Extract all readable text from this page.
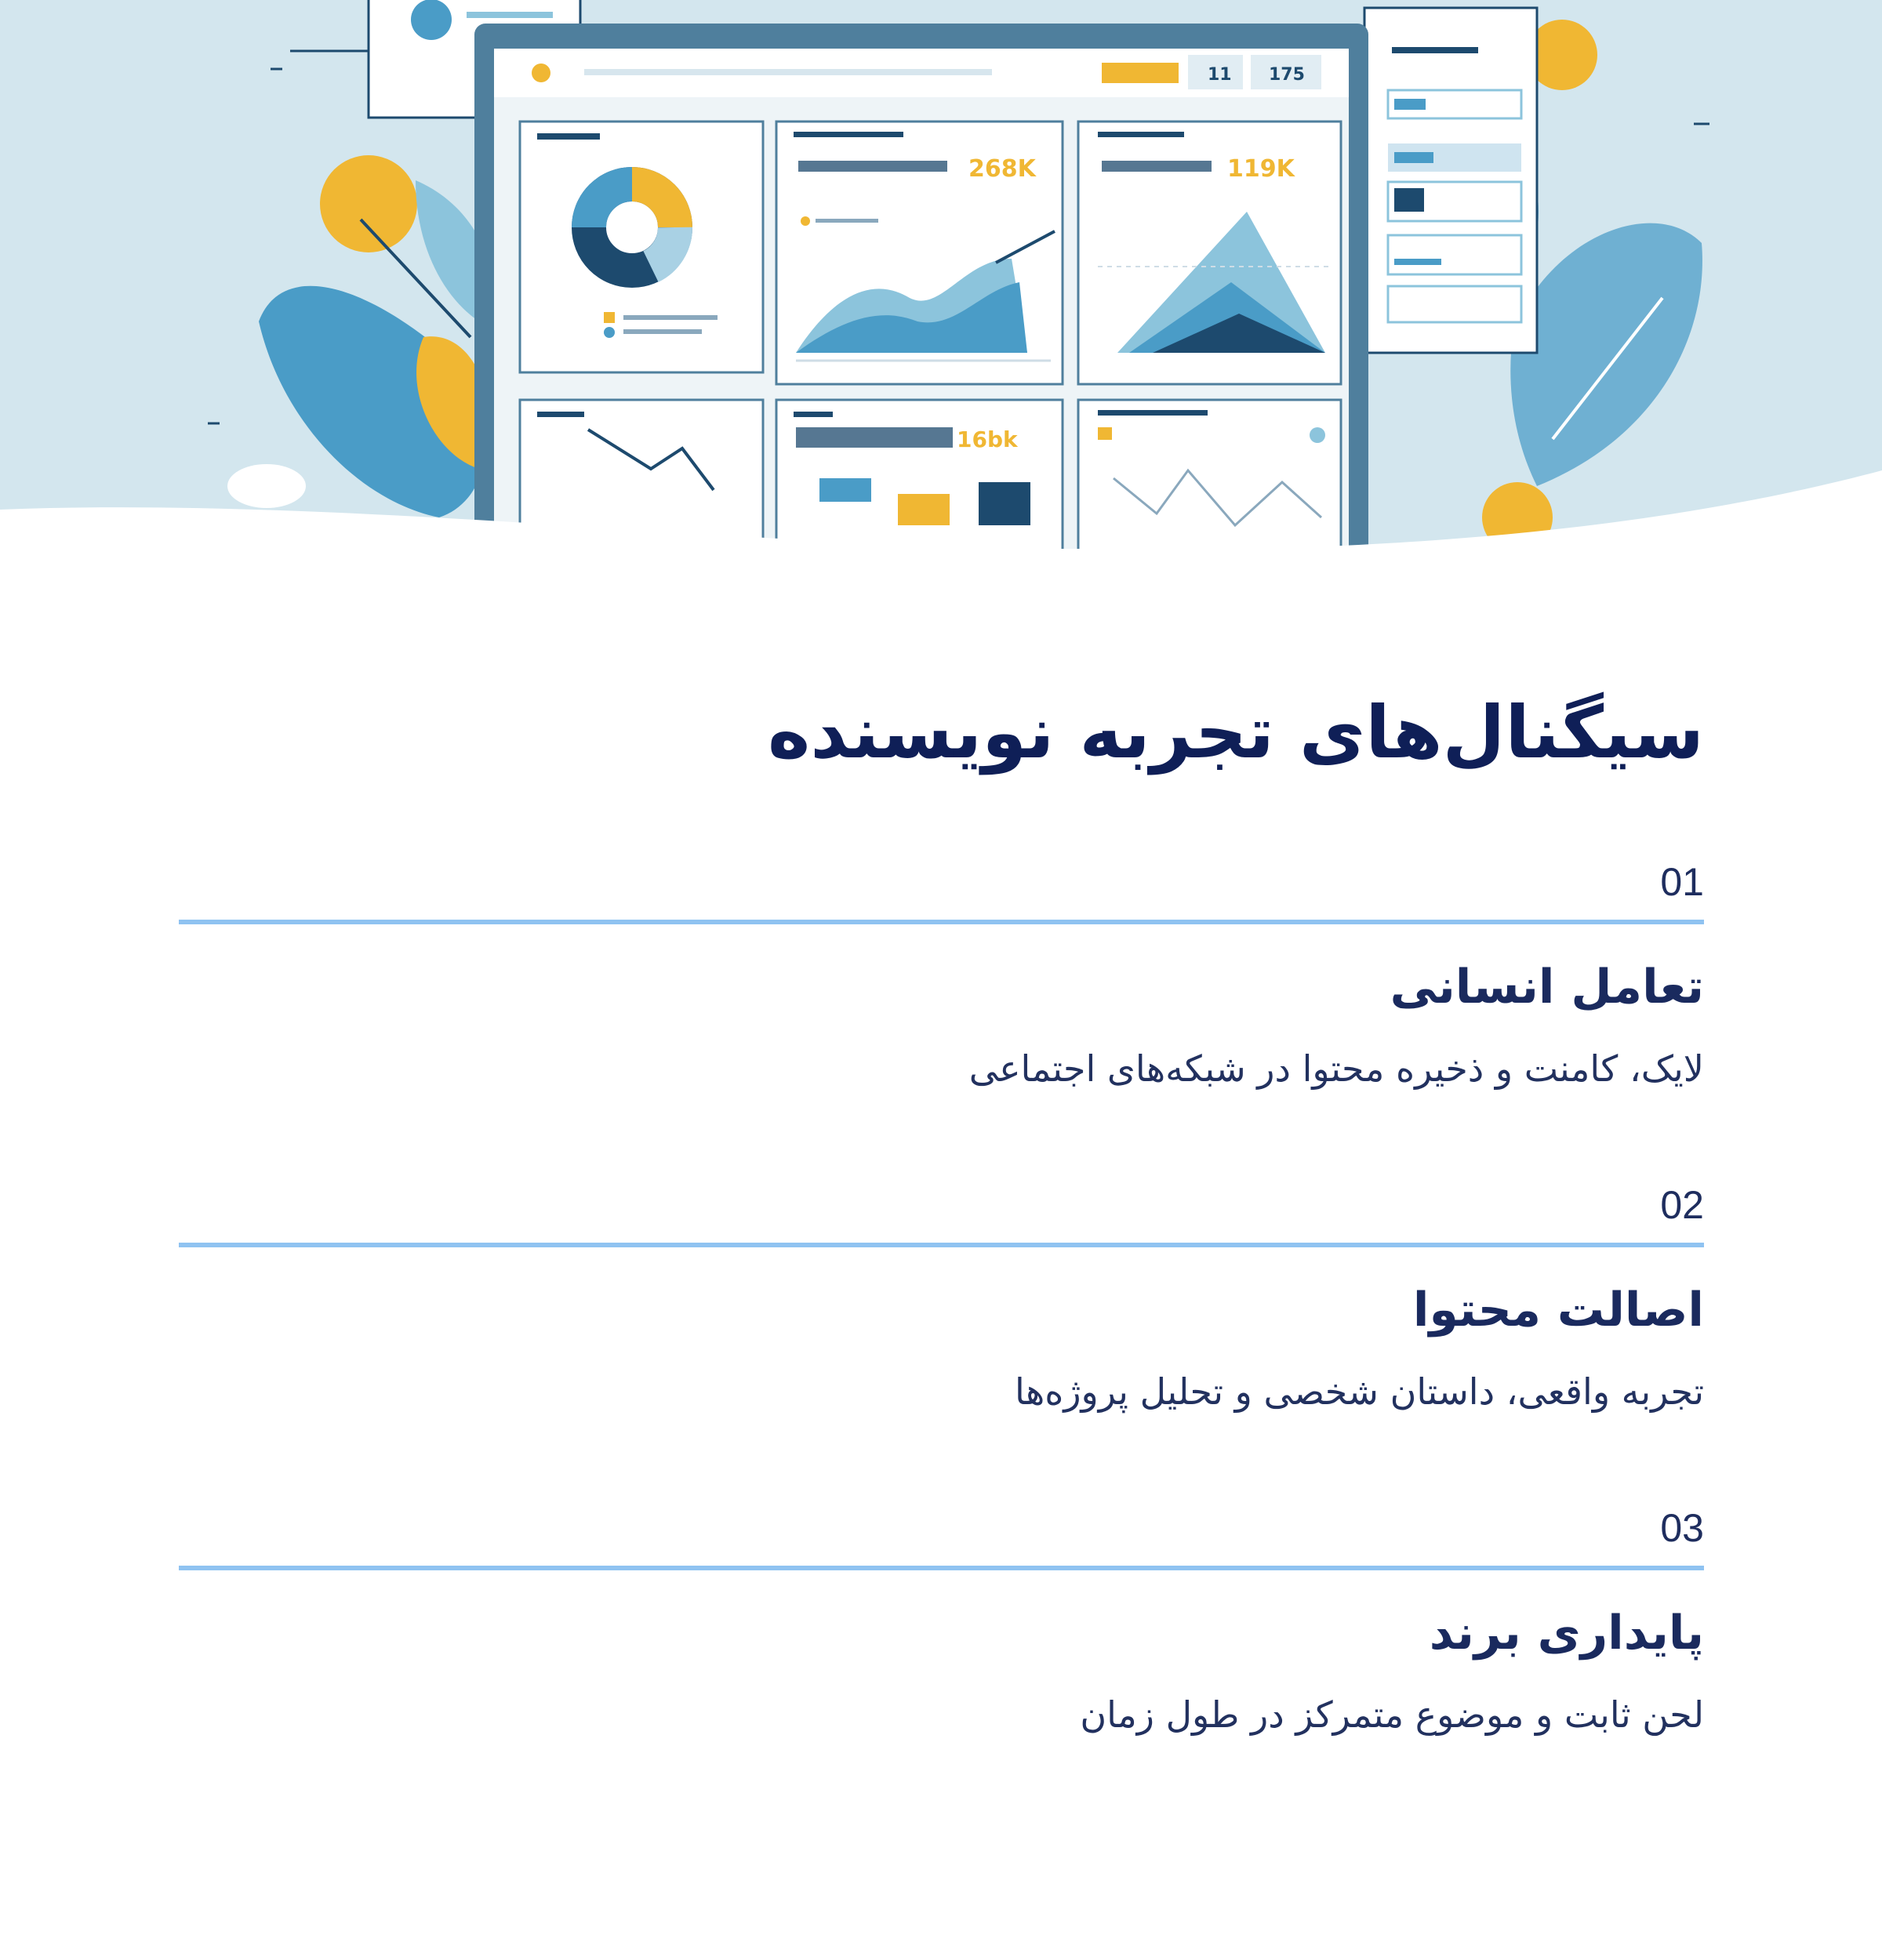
11 175
268K	119K
16bk
سیگنال‌های تجربه نویسنده
01
تعامل انسانی
لایک، کامنت و ذخیره محتوا در شبکه‌های اجتماعی
02
اصالت محتوا
تجربه واقعی، داستان شخصی و تحلیل پروژه‌ها
03
پایداری برند
لحن ثابت و موضوع متمرکز در طول زمان
